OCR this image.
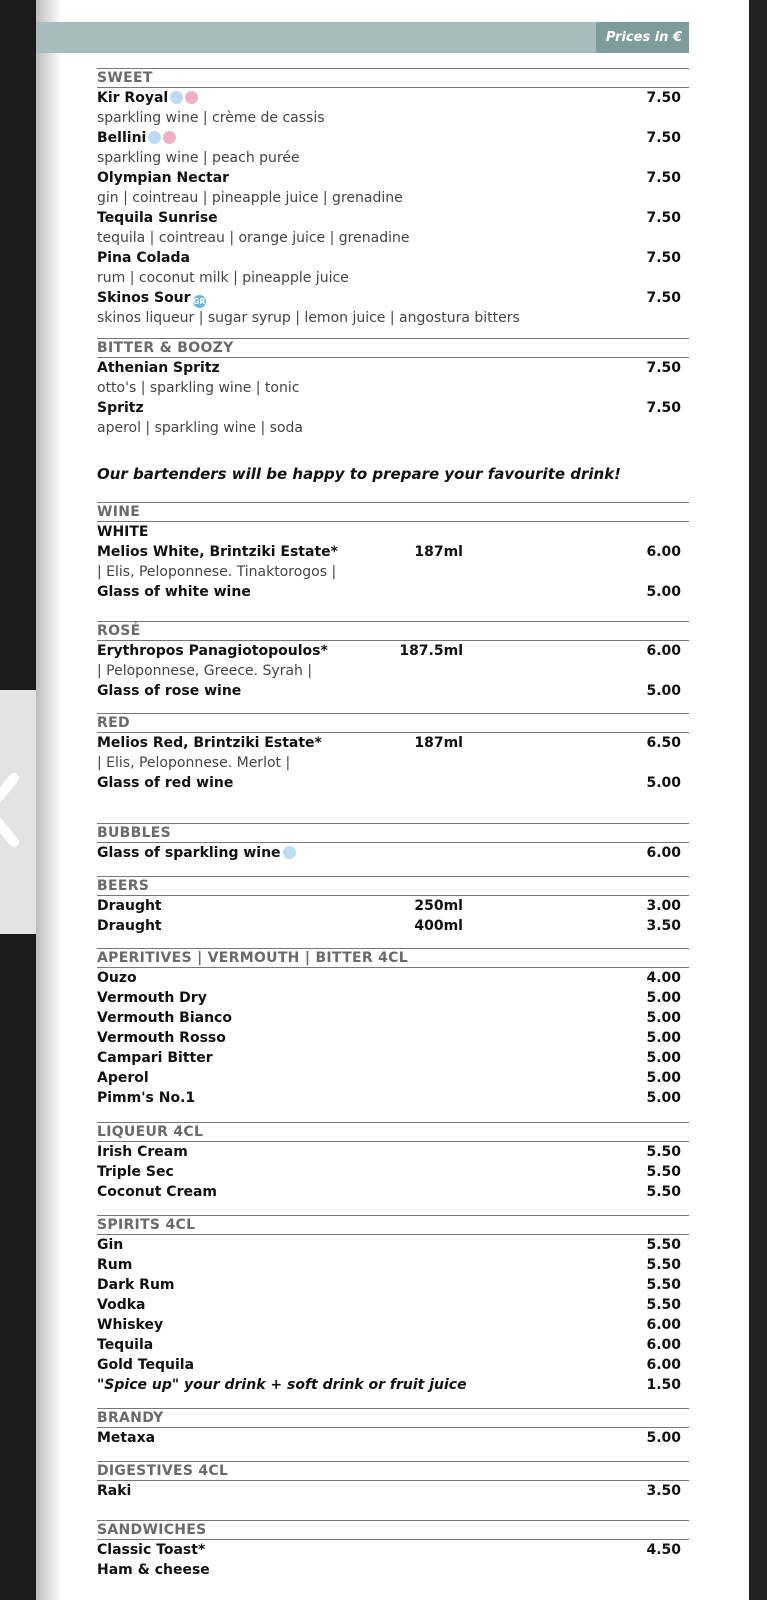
Prices in €
SWEET
Kir Royal	7.50
sparkling wine | crème de cassis
Bellini	7.50
sparkling wine | peach purée
Olympian Nectar	7.50
gin | cointreau | pineapple juice | grenadine
Tequila Sunrise	7.50
tequila | cointreau | orange juice | grenadine
Pina Colada	7.50
rum | coconut milk | pineapple juice
Skinos Sour GR	7.50
skinos liqueur | sugar syrup | lemon juice | angostura bitters
BITTER & BOOZY
Athenian Spritz	7.50
otto's | sparkling wine | tonic
Spritz	7.50
aperol | sparkling wine | soda
Our bartenders will be happy to prepare your favourite drink!
WINE
WHITE
Melios White, Brintziki Estate*	187ml	6.00
| Elis, Peloponnese. Tinaktorogos |
Glass of white wine	5.00
ROSÉ
Erythropos Panagiotopoulos*	187.5ml	6.00
| Peloponnese, Greece. Syrah |
Glass of rose wine	5.00
RED
Melios Red, Brintziki Estate*	187ml	6.50
| Elis, Peloponnese. Merlot |
Glass of red wine	5.00
BUBBLES
Glass of sparkling wine	6.00
BEERS
Draught	250ml	3.00
Draught	400ml	3.50
APERITIVES | VERMOUTH | BITTER 4CL
Ouzo	4.00
Vermouth Dry	5.00
Vermouth Bianco	5.00
Vermouth Rosso	5.00
Campari Bitter	5.00
Aperol	5.00
Pimm's No.1	5.00
LIQUEUR 4CL
Irish Cream	5.50
Triple Sec	5.50
Coconut Cream	5.50
SPIRITS 4CL
Gin	5.50
Rum	5.50
Dark Rum	5.50
Vodka	5.50
Whiskey	6.00
Tequila	6.00
Gold Tequila	6.00
"Spice up" your drink + soft drink or fruit juice	1.50
BRANDY
Metaxa	5.00
DIGESTIVES 4CL
Raki	3.50
SANDWICHES
Classic Toast*	4.50
Ham & cheese
